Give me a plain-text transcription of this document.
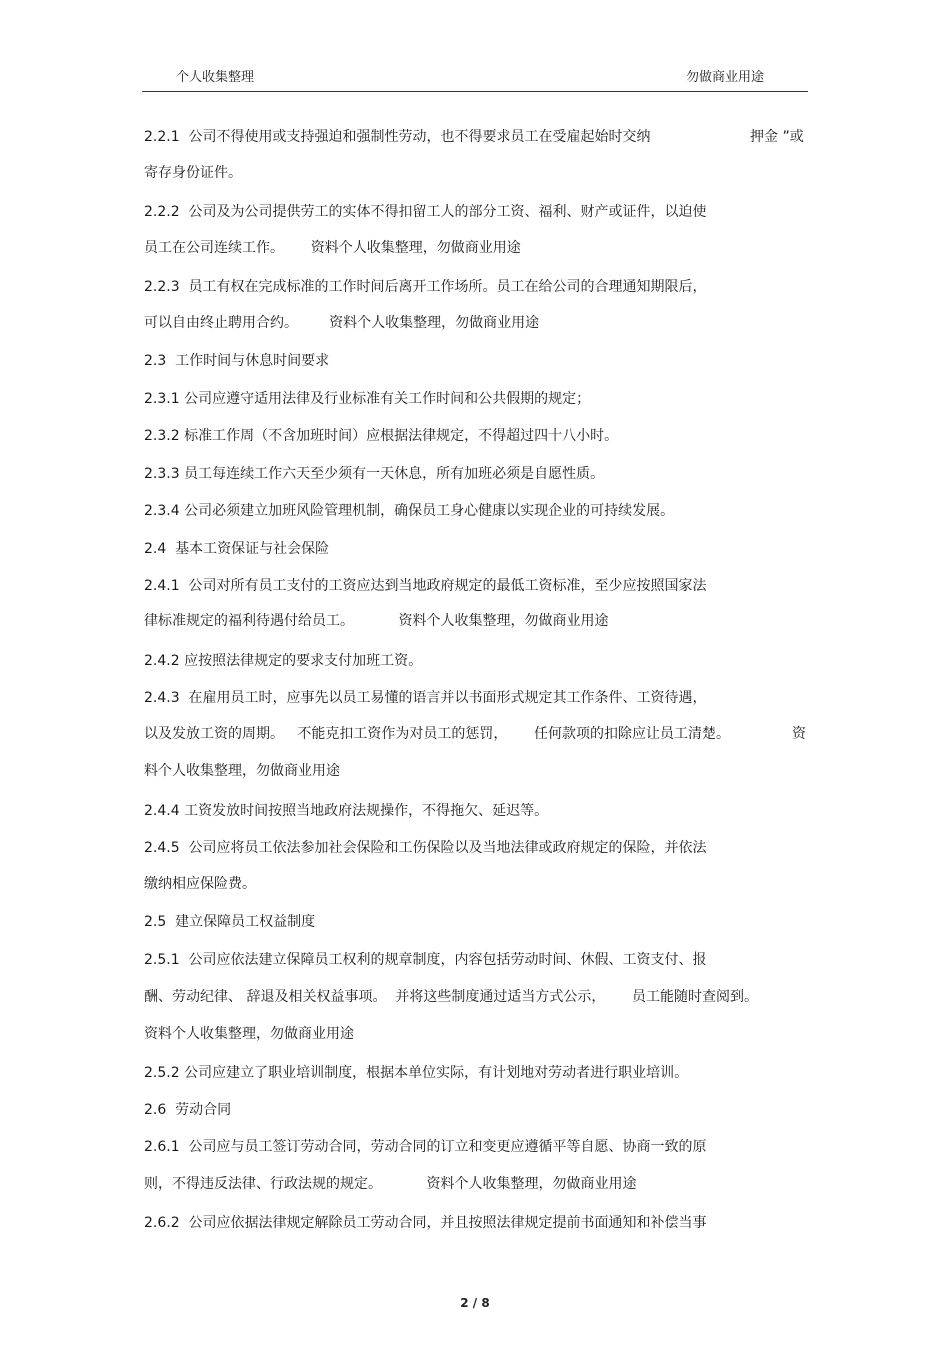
个人收集整理	勿做商业用途
2.2.1  公司不得使用或支持强迫和强制性劳动，也不得要求员工在受雇起始时交纳	押金 ”或
寄存身份证件。
2.2.2  公司及为公司提供劳工的实体不得扣留工人的部分工资、福利、财产或证件，以迫使
员工在公司连续工作。      资料个人收集整理，勿做商业用途
2.2.3  员工有权在完成标准的工作时间后离开工作场所。员工在给公司的合理通知期限后，
可以自由终止聘用合约。       资料个人收集整理，勿做商业用途
2.3  工作时间与休息时间要求
2.3.1 公司应遵守适用法律及行业标准有关工作时间和公共假期的规定；
2.3.2 标准工作周（不含加班时间）应根据法律规定，不得超过四十八小时。
2.3.3 员工每连续工作六天至少须有一天休息，所有加班必须是自愿性质。
2.3.4 公司必须建立加班风险管理机制，确保员工身心健康以实现企业的可持续发展。
2.4  基本工资保证与社会保险
2.4.1  公司对所有员工支付的工资应达到当地政府规定的最低工资标准，至少应按照国家法
律标准规定的福利待遇付给员工。          资料个人收集整理，勿做商业用途
2.4.2 应按照法律规定的要求支付加班工资。
2.4.3  在雇用员工时，应事先以员工易懂的语言并以书面形式规定其工作条件、工资待遇，
以及发放工资的周期。   不能克扣工资作为对员工的惩罚，      任何款项的扣除应让员工清楚。	资
料个人收集整理，勿做商业用途
2.4.4 工资发放时间按照当地政府法规操作，不得拖欠、延迟等。
2.4.5  公司应将员工依法参加社会保险和工伤保险以及当地法律或政府规定的保险，并依法
缴纳相应保险费。
2.5  建立保障员工权益制度
2.5.1  公司应依法建立保障员工权利的规章制度，内容包括劳动时间、休假、工资支付、报
酬、劳动纪律、 辞退及相关权益事项。  并将这些制度通过适当方式公示，      员工能随时查阅到。
资料个人收集整理，勿做商业用途
2.5.2 公司应建立了职业培训制度，根据本单位实际，有计划地对劳动者进行职业培训。
2.6  劳动合同
2.6.1  公司应与员工签订劳动合同，劳动合同的订立和变更应遵循平等自愿、协商一致的原
则，不得违反法律、行政法规的规定。          资料个人收集整理，勿做商业用途
2.6.2  公司应依据法律规定解除员工劳动合同，并且按照法律规定提前书面通知和补偿当事
2 / 8
